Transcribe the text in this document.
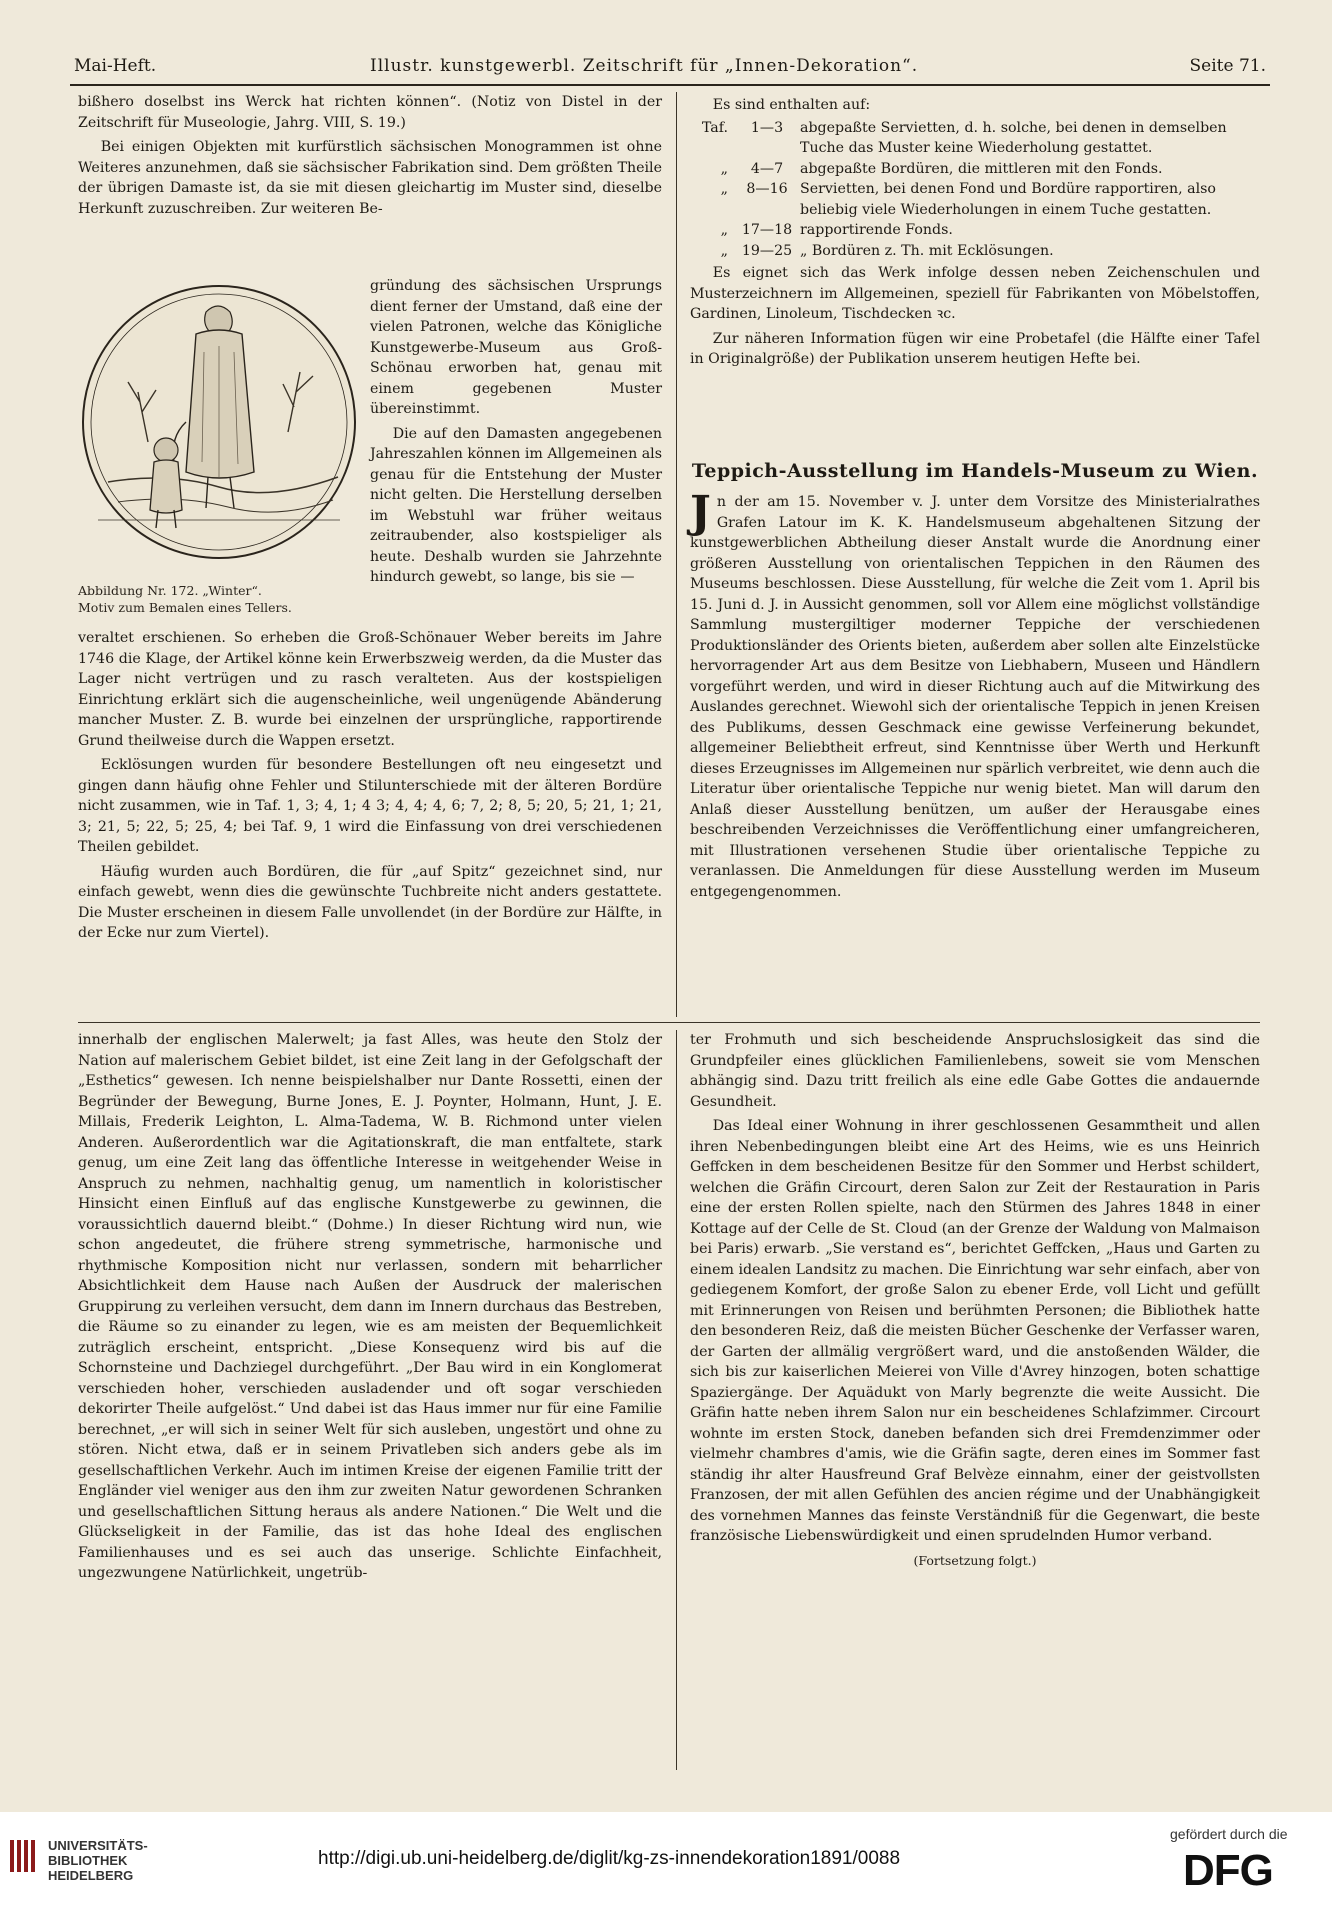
Mai-Heft.	Illustr. kunstgewerbl. Zeitschrift für „Innen-Dekoration“.	Seite 71.

bißhero doselbst ins Werck hat richten können“. (Notiz von Distel in der Zeitschrift für Museologie, Jahrg. VIII, S. 19.)

Bei einigen Objekten mit kurfürstlich sächsischen Monogrammen ist ohne Weiteres anzunehmen, daß sie sächsischer Fabrikation sind. Dem größten Theile der übrigen Damaste ist, da sie mit diesen gleichartig im Muster sind, dieselbe Herkunft zuzuschreiben. Zur weiteren Be-

Abbildung Nr. 172. „Winter“.
Motiv zum Bemalen eines Tellers.

gründung des sächsischen Ursprungs dient ferner der Umstand, daß eine der vielen Patronen, welche das Königliche Kunstgewerbe-Museum aus Groß-Schönau erworben hat, genau mit einem gegebenen Muster übereinstimmt.

Die auf den Damasten angegebenen Jahreszahlen können im Allgemeinen als genau für die Entstehung der Muster nicht gelten. Die Herstellung derselben im Webstuhl war früher weitaus zeitraubender, also kostspieliger als heute. Deshalb wurden sie Jahrzehnte hindurch gewebt, so lange, bis sie —

veraltet erschienen. So erheben die Groß-Schönauer Weber bereits im Jahre 1746 die Klage, der Artikel könne kein Erwerbszweig werden, da die Muster das Lager nicht vertrügen und zu rasch veralteten. Aus der kostspieligen Einrichtung erklärt sich die augenscheinliche, weil ungenügende Abänderung mancher Muster. Z. B. wurde bei einzelnen der ursprüngliche, rapportirende Grund theilweise durch die Wappen ersetzt.

Ecklösungen wurden für besondere Bestellungen oft neu eingesetzt und gingen dann häufig ohne Fehler und Stilunterschiede mit der älteren Bordüre nicht zusammen, wie in Taf. 1, 3; 4, 1; 4 3; 4, 4; 4, 6; 7, 2; 8, 5; 20, 5; 21, 1; 21, 3; 21, 5; 22, 5; 25, 4; bei Taf. 9, 1 wird die Einfassung von drei verschiedenen Theilen gebildet.

Häufig wurden auch Bordüren, die für „auf Spitz“ gezeichnet sind, nur einfach gewebt, wenn dies die gewünschte Tuchbreite nicht anders gestattete. Die Muster erscheinen in diesem Falle unvollendet (in der Bordüre zur Hälfte, in der Ecke nur zum Viertel).

Es sind enthalten auf:

Taf.	1—3	abgepaßte Servietten, d. h. solche, bei denen in demselben Tuche das Muster keine Wiederholung gestattet.
„	4—7	abgepaßte Bordüren, die mittleren mit den Fonds.
„	8—16	Servietten, bei denen Fond und Bordüre rapportiren, also beliebig viele Wiederholungen in einem Tuche gestatten.
„	17—18	rapportirende Fonds.
„	19—25	„ Bordüren z. Th. mit Ecklösungen.

Es eignet sich das Werk infolge dessen neben Zeichenschulen und Musterzeichnern im Allgemeinen, speziell für Fabrikanten von Möbelstoffen, Gardinen, Linoleum, Tischdecken ꝛc.

Zur näheren Information fügen wir eine Probetafel (die Hälfte einer Tafel in Originalgröße) der Publikation unserem heutigen Hefte bei.

Teppich-Ausstellung im Handels-Museum zu Wien.

Jn der am 15. November v. J. unter dem Vorsitze des Ministerialrathes Grafen Latour im K. K. Handelsmuseum abgehaltenen Sitzung der kunstgewerblichen Abtheilung dieser Anstalt wurde die Anordnung einer größeren Ausstellung von orientalischen Teppichen in den Räumen des Museums beschlossen. Diese Ausstellung, für welche die Zeit vom 1. April bis 15. Juni d. J. in Aussicht genommen, soll vor Allem eine möglichst vollständige Sammlung mustergiltiger moderner Teppiche der verschiedenen Produktionsländer des Orients bieten, außerdem aber sollen alte Einzelstücke hervorragender Art aus dem Besitze von Liebhabern, Museen und Händlern vorgeführt werden, und wird in dieser Richtung auch auf die Mitwirkung des Auslandes gerechnet. Wiewohl sich der orientalische Teppich in jenen Kreisen des Publikums, dessen Geschmack eine gewisse Verfeinerung bekundet, allgemeiner Beliebtheit erfreut, sind Kenntnisse über Werth und Herkunft dieses Erzeugnisses im Allgemeinen nur spärlich verbreitet, wie denn auch die Literatur über orientalische Teppiche nur wenig bietet. Man will darum den Anlaß dieser Ausstellung benützen, um außer der Herausgabe eines beschreibenden Verzeichnisses die Veröffentlichung einer umfangreicheren, mit Illustrationen versehenen Studie über orientalische Teppiche zu veranlassen. Die Anmeldungen für diese Ausstellung werden im Museum entgegengenommen.

innerhalb der englischen Malerwelt; ja fast Alles, was heute den Stolz der Nation auf malerischem Gebiet bildet, ist eine Zeit lang in der Gefolgschaft der „Esthetics“ gewesen. Ich nenne beispielshalber nur Dante Rossetti, einen der Begründer der Bewegung, Burne Jones, E. J. Poynter, Holmann, Hunt, J. E. Millais, Frederik Leighton, L. Alma-Tadema, W. B. Richmond unter vielen Anderen. Außerordentlich war die Agitationskraft, die man entfaltete, stark genug, um eine Zeit lang das öffentliche Interesse in weitgehender Weise in Anspruch zu nehmen, nachhaltig genug, um namentlich in koloristischer Hinsicht einen Einfluß auf das englische Kunstgewerbe zu gewinnen, die voraussichtlich dauernd bleibt.“ (Dohme.) In dieser Richtung wird nun, wie schon angedeutet, die frühere streng symmetrische, harmonische und rhythmische Komposition nicht nur verlassen, sondern mit beharrlicher Absichtlichkeit dem Hause nach Außen der Ausdruck der malerischen Gruppirung zu verleihen versucht, dem dann im Innern durchaus das Bestreben, die Räume so zu einander zu legen, wie es am meisten der Bequemlichkeit zuträglich erscheint, entspricht. „Diese Konsequenz wird bis auf die Schornsteine und Dachziegel durchgeführt. „Der Bau wird in ein Konglomerat verschieden hoher, verschieden ausladender und oft sogar verschieden dekorirter Theile aufgelöst.“ Und dabei ist das Haus immer nur für eine Familie berechnet, „er will sich in seiner Welt für sich ausleben, ungestört und ohne zu stören. Nicht etwa, daß er in seinem Privatleben sich anders gebe als im gesellschaftlichen Verkehr. Auch im intimen Kreise der eigenen Familie tritt der Engländer viel weniger aus den ihm zur zweiten Natur gewordenen Schranken und gesellschaftlichen Sittung heraus als andere Nationen.“ Die Welt und die Glückseligkeit in der Familie, das ist das hohe Ideal des englischen Familienhauses und es sei auch das unserige. Schlichte Einfachheit, ungezwungene Natürlichkeit, ungetrüb-

ter Frohmuth und sich bescheidende Anspruchslosigkeit das sind die Grundpfeiler eines glücklichen Familienlebens, soweit sie vom Menschen abhängig sind. Dazu tritt freilich als eine edle Gabe Gottes die andauernde Gesundheit.

Das Ideal einer Wohnung in ihrer geschlossenen Gesammtheit und allen ihren Nebenbedingungen bleibt eine Art des Heims, wie es uns Heinrich Geffcken in dem bescheidenen Besitze für den Sommer und Herbst schildert, welchen die Gräfin Circourt, deren Salon zur Zeit der Restauration in Paris eine der ersten Rollen spielte, nach den Stürmen des Jahres 1848 in einer Kottage auf der Celle de St. Cloud (an der Grenze der Waldung von Malmaison bei Paris) erwarb. „Sie verstand es“, berichtet Geffcken, „Haus und Garten zu einem idealen Landsitz zu machen. Die Einrichtung war sehr einfach, aber von gediegenem Komfort, der große Salon zu ebener Erde, voll Licht und gefüllt mit Erinnerungen von Reisen und berühmten Personen; die Bibliothek hatte den besonderen Reiz, daß die meisten Bücher Geschenke der Verfasser waren, der Garten der allmälig vergrößert ward, und die anstoßenden Wälder, die sich bis zur kaiserlichen Meierei von Ville d'Avrey hinzogen, boten schattige Spaziergänge. Der Aquädukt von Marly begrenzte die weite Aussicht. Die Gräfin hatte neben ihrem Salon nur ein bescheidenes Schlafzimmer. Circourt wohnte im ersten Stock, daneben befanden sich drei Fremdenzimmer oder vielmehr chambres d'amis, wie die Gräfin sagte, deren eines im Sommer fast ständig ihr alter Hausfreund Graf Belvèze einnahm, einer der geistvollsten Franzosen, der mit allen Gefühlen des ancien régime und der Unabhängigkeit des vornehmen Mannes das feinste Verständniß für die Gegenwart, die beste französische Liebenswürdigkeit und einen sprudelnden Humor verband.

(Fortsetzung folgt.)

UNIVERSITÄTS-
BIBLIOTHEK
HEIDELBERG
http://digi.ub.uni-heidelberg.de/diglit/kg-zs-innendekoration1891/0088
gefördert durch die
DFG
